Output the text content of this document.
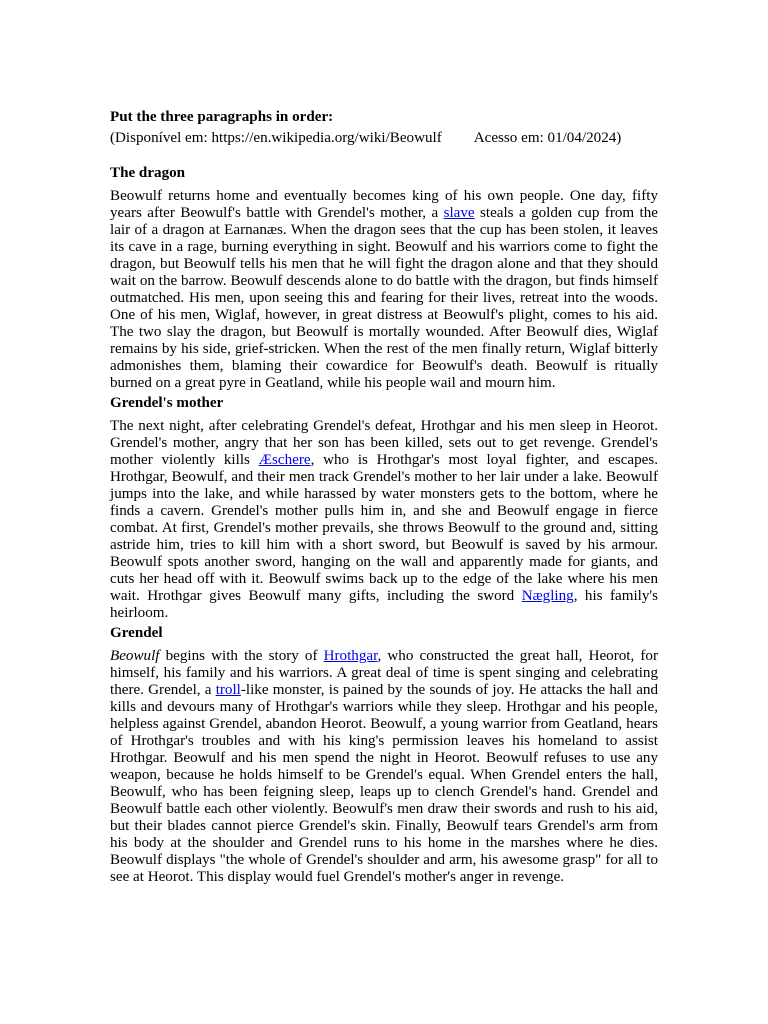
Put the three paragraphs in order:

(Disponível em: https://en.wikipedia.org/wiki/Beowulf Acesso em: 01/04/2024)

The dragon

Beowulf returns home and eventually becomes king of his own people. One day, fifty years after Beowulf's battle with Grendel's mother, a slave steals a golden cup from the lair of a dragon at Earnanæs. When the dragon sees that the cup has been stolen, it leaves its cave in a rage, burning everything in sight. Beowulf and his warriors come to fight the dragon, but Beowulf tells his men that he will fight the dragon alone and that they should wait on the barrow. Beowulf descends alone to do battle with the dragon, but finds himself outmatched. His men, upon seeing this and fearing for their lives, retreat into the woods. One of his men, Wiglaf, however, in great distress at Beowulf's plight, comes to his aid. The two slay the dragon, but Beowulf is mortally wounded. After Beowulf dies, Wiglaf remains by his side, grief-stricken. When the rest of the men finally return, Wiglaf bitterly admonishes them, blaming their cowardice for Beowulf's death. Beowulf is ritually burned on a great pyre in Geatland, while his people wail and mourn him.

Grendel's mother

The next night, after celebrating Grendel's defeat, Hrothgar and his men sleep in Heorot. Grendel's mother, angry that her son has been killed, sets out to get revenge. Grendel's mother violently kills Æschere, who is Hrothgar's most loyal fighter, and escapes. Hrothgar, Beowulf, and their men track Grendel's mother to her lair under a lake. Beowulf jumps into the lake, and while harassed by water monsters gets to the bottom, where he finds a cavern. Grendel's mother pulls him in, and she and Beowulf engage in fierce combat. At first, Grendel's mother prevails, she throws Beowulf to the ground and, sitting astride him, tries to kill him with a short sword, but Beowulf is saved by his armour. Beowulf spots another sword, hanging on the wall and apparently made for giants, and cuts her head off with it. Beowulf swims back up to the edge of the lake where his men wait. Hrothgar gives Beowulf many gifts, including the sword Nægling, his family's heirloom.

Grendel

Beowulf begins with the story of Hrothgar, who constructed the great hall, Heorot, for himself, his family and his warriors. A great deal of time is spent singing and celebrating there. Grendel, a troll-like monster, is pained by the sounds of joy. He attacks the hall and kills and devours many of Hrothgar's warriors while they sleep. Hrothgar and his people, helpless against Grendel, abandon Heorot. Beowulf, a young warrior from Geatland, hears of Hrothgar's troubles and with his king's permission leaves his homeland to assist Hrothgar. Beowulf and his men spend the night in Heorot. Beowulf refuses to use any weapon, because he holds himself to be Grendel's equal. When Grendel enters the hall, Beowulf, who has been feigning sleep, leaps up to clench Grendel's hand. Grendel and Beowulf battle each other violently. Beowulf's men draw their swords and rush to his aid, but their blades cannot pierce Grendel's skin. Finally, Beowulf tears Grendel's arm from his body at the shoulder and Grendel runs to his home in the marshes where he dies. Beowulf displays "the whole of Grendel's shoulder and arm, his awesome grasp" for all to see at Heorot. This display would fuel Grendel's mother's anger in revenge.
